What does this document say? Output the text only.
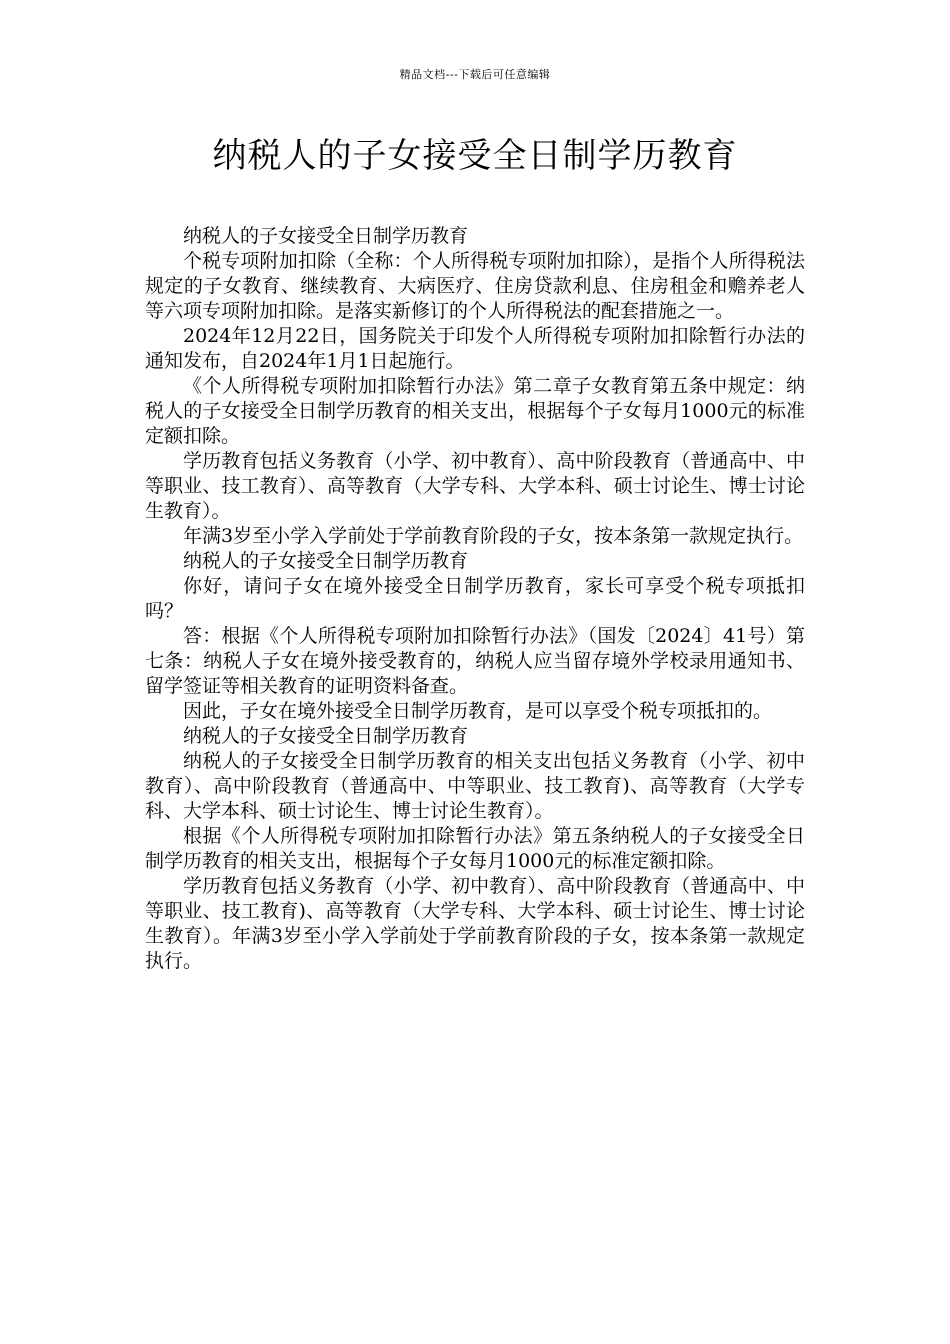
精品文档---下载后可任意编辑
纳税人的子女接受全日制学历教育

纳税人的子女接受全日制学历教育

个税专项附加扣除（全称：个人所得税专项附加扣除），是指个人所得税法规定的子女教育、继续教育、大病医疗、住房贷款利息、住房租金和赡养老人等六项专项附加扣除。是落实新修订的个人所得税法的配套措施之一。

2024年12月22日，国务院关于印发个人所得税专项附加扣除暂行办法的通知发布，自2024年1月1日起施行。

《个人所得税专项附加扣除暂行办法》第二章子女教育第五条中规定：纳税人的子女接受全日制学历教育的相关支出，根据每个子女每月1000元的标准定额扣除。

学历教育包括义务教育（小学、初中教育）、高中阶段教育（普通高中、中等职业、技工教育）、高等教育（大学专科、大学本科、硕士讨论生、博士讨论生教育）。

年满3岁至小学入学前处于学前教育阶段的子女，按本条第一款规定执行。

纳税人的子女接受全日制学历教育

你好，请问子女在境外接受全日制学历教育，家长可享受个税专项抵扣吗？

答：根据《个人所得税专项附加扣除暂行办法》（国发〔2024〕41号）第七条：纳税人子女在境外接受教育的，纳税人应当留存境外学校录用通知书、留学签证等相关教育的证明资料备查。

因此，子女在境外接受全日制学历教育，是可以享受个税专项抵扣的。

纳税人的子女接受全日制学历教育

纳税人的子女接受全日制学历教育的相关支出包括义务教育（小学、初中教育）、高中阶段教育（普通高中、中等职业、技工教育)、高等教育（大学专科、大学本科、硕士讨论生、博士讨论生教育）。

根据《个人所得税专项附加扣除暂行办法》第五条纳税人的子女接受全日制学历教育的相关支出，根据每个子女每月1000元的标准定额扣除。

学历教育包括义务教育（小学、初中教育）、高中阶段教育（普通高中、中等职业、技工教育)、高等教育（大学专科、大学本科、硕士讨论生、博士讨论生教育）。年满3岁至小学入学前处于学前教育阶段的子女，按本条第一款规定执行。
